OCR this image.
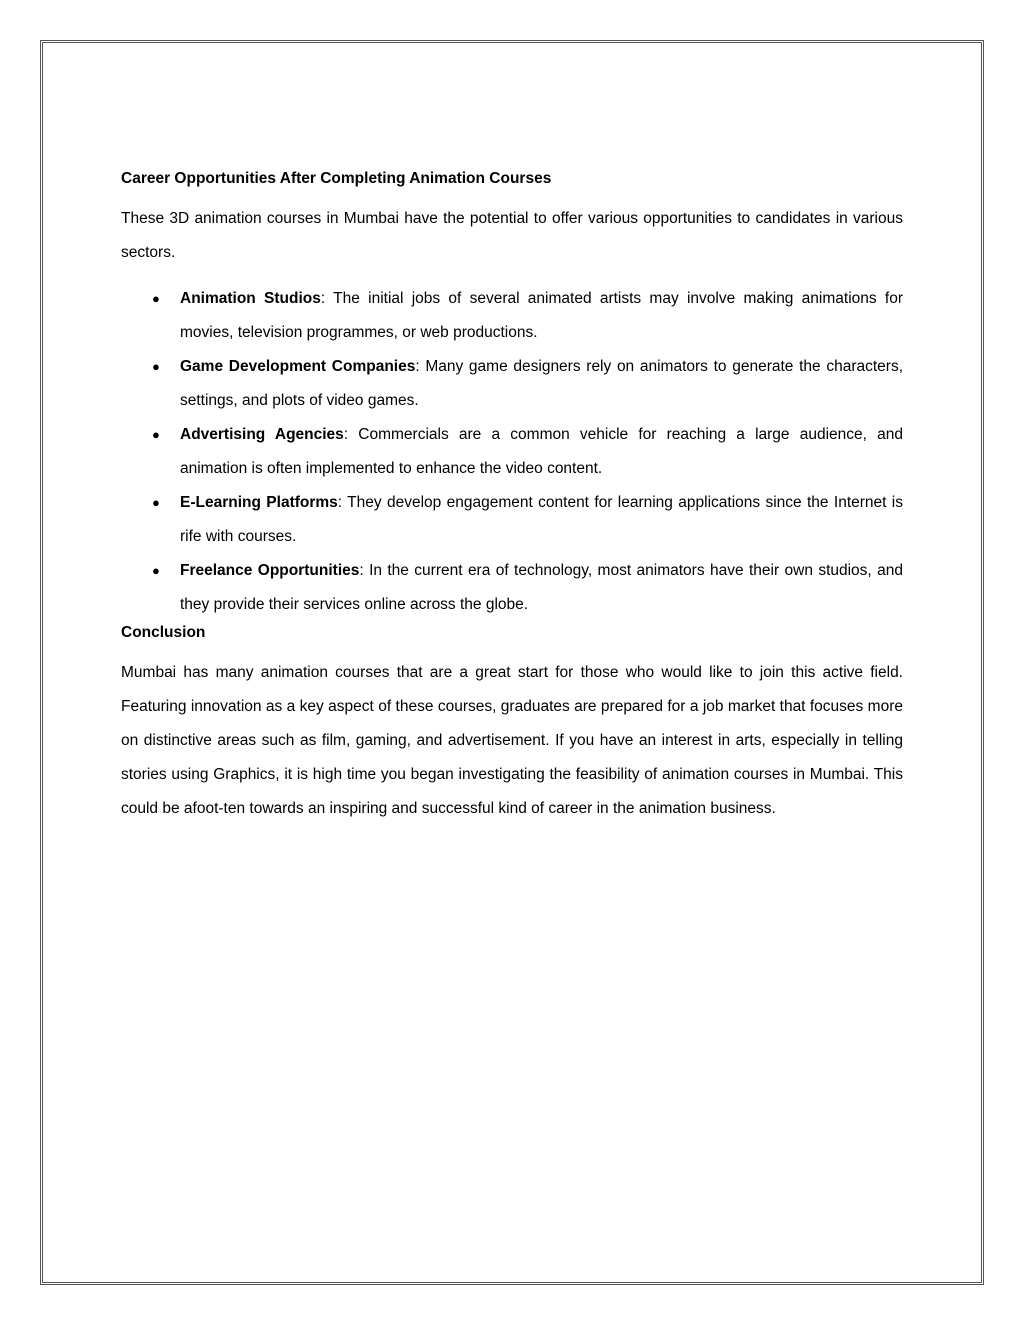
Career Opportunities After Completing Animation Courses

These 3D animation courses in Mumbai have the potential to offer various opportunities to candidates in various sectors.

● Animation Studios: The initial jobs of several animated artists may involve making animations for movies, television programmes, or web productions.
● Game Development Companies: Many game designers rely on animators to generate the characters, settings, and plots of video games.
● Advertising Agencies: Commercials are a common vehicle for reaching a large audience, and animation is often implemented to enhance the video content.
● E-Learning Platforms: They develop engagement content for learning applications since the Internet is rife with courses.
● Freelance Opportunities: In the current era of technology, most animators have their own studios, and they provide their services online across the globe.
Conclusion

Mumbai has many animation courses that are a great start for those who would like to join this active field. Featuring innovation as a key aspect of these courses, graduates are prepared for a job market that focuses more on distinctive areas such as film, gaming, and advertisement. If you have an interest in arts, especially in telling stories using Graphics, it is high time you began investigating the feasibility of animation courses in Mumbai. This could be afoot-ten towards an inspiring and successful kind of career in the animation business.
